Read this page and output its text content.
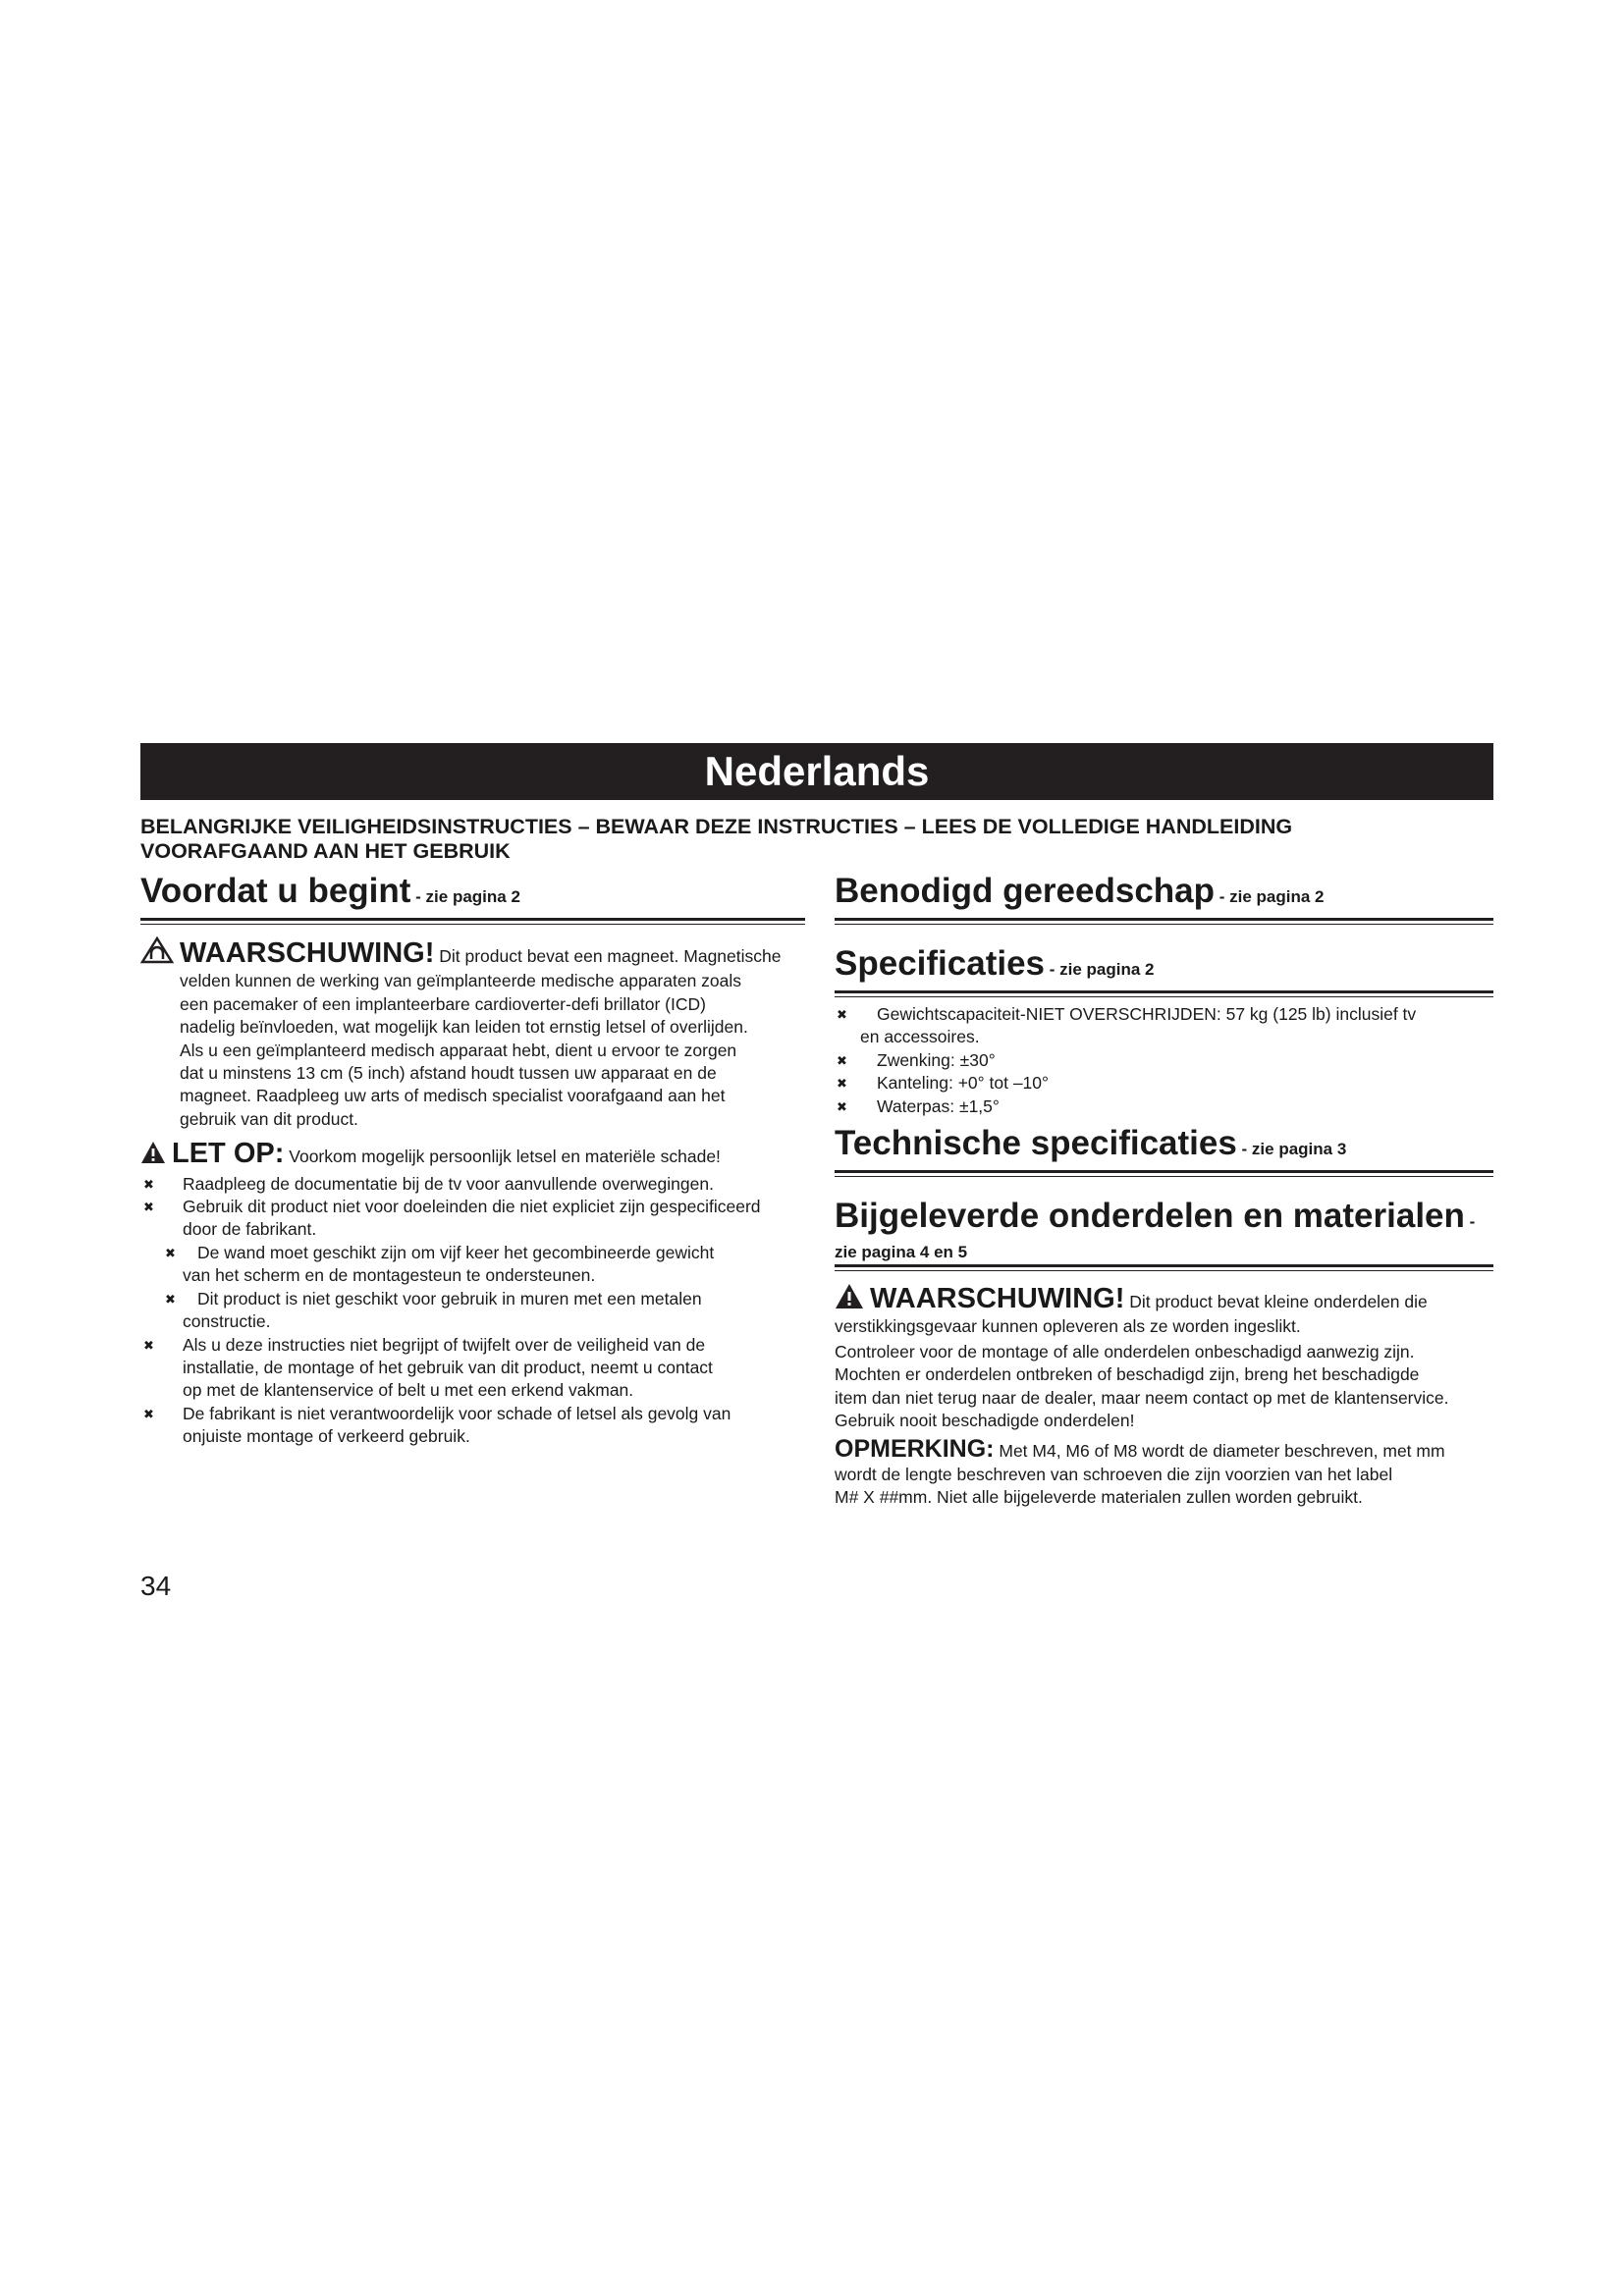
Nederlands
BELANGRIJKE VEILIGHEIDSINSTRUCTIES – BEWAAR DEZE INSTRUCTIES – LEES DE VOLLEDIGE HANDLEIDING
VOORAFGAAND AAN HET GEBRUIK
Voordat u begint - zie pagina 2
WAARSCHUWING! Dit product bevat een magneet. Magnetische
velden kunnen de werking van geïmplanteerde medische apparaten zoals
een pacemaker of een implanteerbare cardioverter-defi brillator (ICD)
nadelig beïnvloeden, wat mogelijk kan leiden tot ernstig letsel of overlijden.
Als u een geïmplanteerd medisch apparaat hebt, dient u ervoor te zorgen
dat u minstens 13 cm (5 inch) afstand houdt tussen uw apparaat en de
magneet. Raadpleeg uw arts of medisch specialist voorafgaand aan het
gebruik van dit product.
LET OP: Voorkom mogelijk persoonlijk letsel en materiële schade!
✖ Raadpleeg de documentatie bij de tv voor aanvullende overwegingen.
✖ Gebruik dit product niet voor doeleinden die niet expliciet zijn gespecificeerd
door de fabrikant.
✖ De wand moet geschikt zijn om vijf keer het gecombineerde gewicht
van het scherm en de montagesteun te ondersteunen.
✖ Dit product is niet geschikt voor gebruik in muren met een metalen
constructie.
✖ Als u deze instructies niet begrijpt of twijfelt over de veiligheid van de
installatie, de montage of het gebruik van dit product, neemt u contact
op met de klantenservice of belt u met een erkend vakman.
✖ De fabrikant is niet verantwoordelijk voor schade of letsel als gevolg van
onjuiste montage of verkeerd gebruik.
Benodigd gereedschap - zie pagina 2
Specificaties - zie pagina 2
✖ Gewichtscapaciteit-NIET OVERSCHRIJDEN: 57 kg (125 lb) inclusief tv
en accessoires.
✖ Zwenking: ±30°
✖ Kanteling: +0° tot –10°
✖ Waterpas: ±1,5°
Technische specificaties - zie pagina 3
Bijgeleverde onderdelen en materialen -
zie pagina 4 en 5
WAARSCHUWING! Dit product bevat kleine onderdelen die
verstikkingsgevaar kunnen opleveren als ze worden ingeslikt.
Controleer voor de montage of alle onderdelen onbeschadigd aanwezig zijn.
Mochten er onderdelen ontbreken of beschadigd zijn, breng het beschadigde
item dan niet terug naar de dealer, maar neem contact op met de klantenservice.
Gebruik nooit beschadigde onderdelen!
OPMERKING: Met M4, M6 of M8 wordt de diameter beschreven, met mm
wordt de lengte beschreven van schroeven die zijn voorzien van het label
M# X ##mm. Niet alle bijgeleverde materialen zullen worden gebruikt.
34
